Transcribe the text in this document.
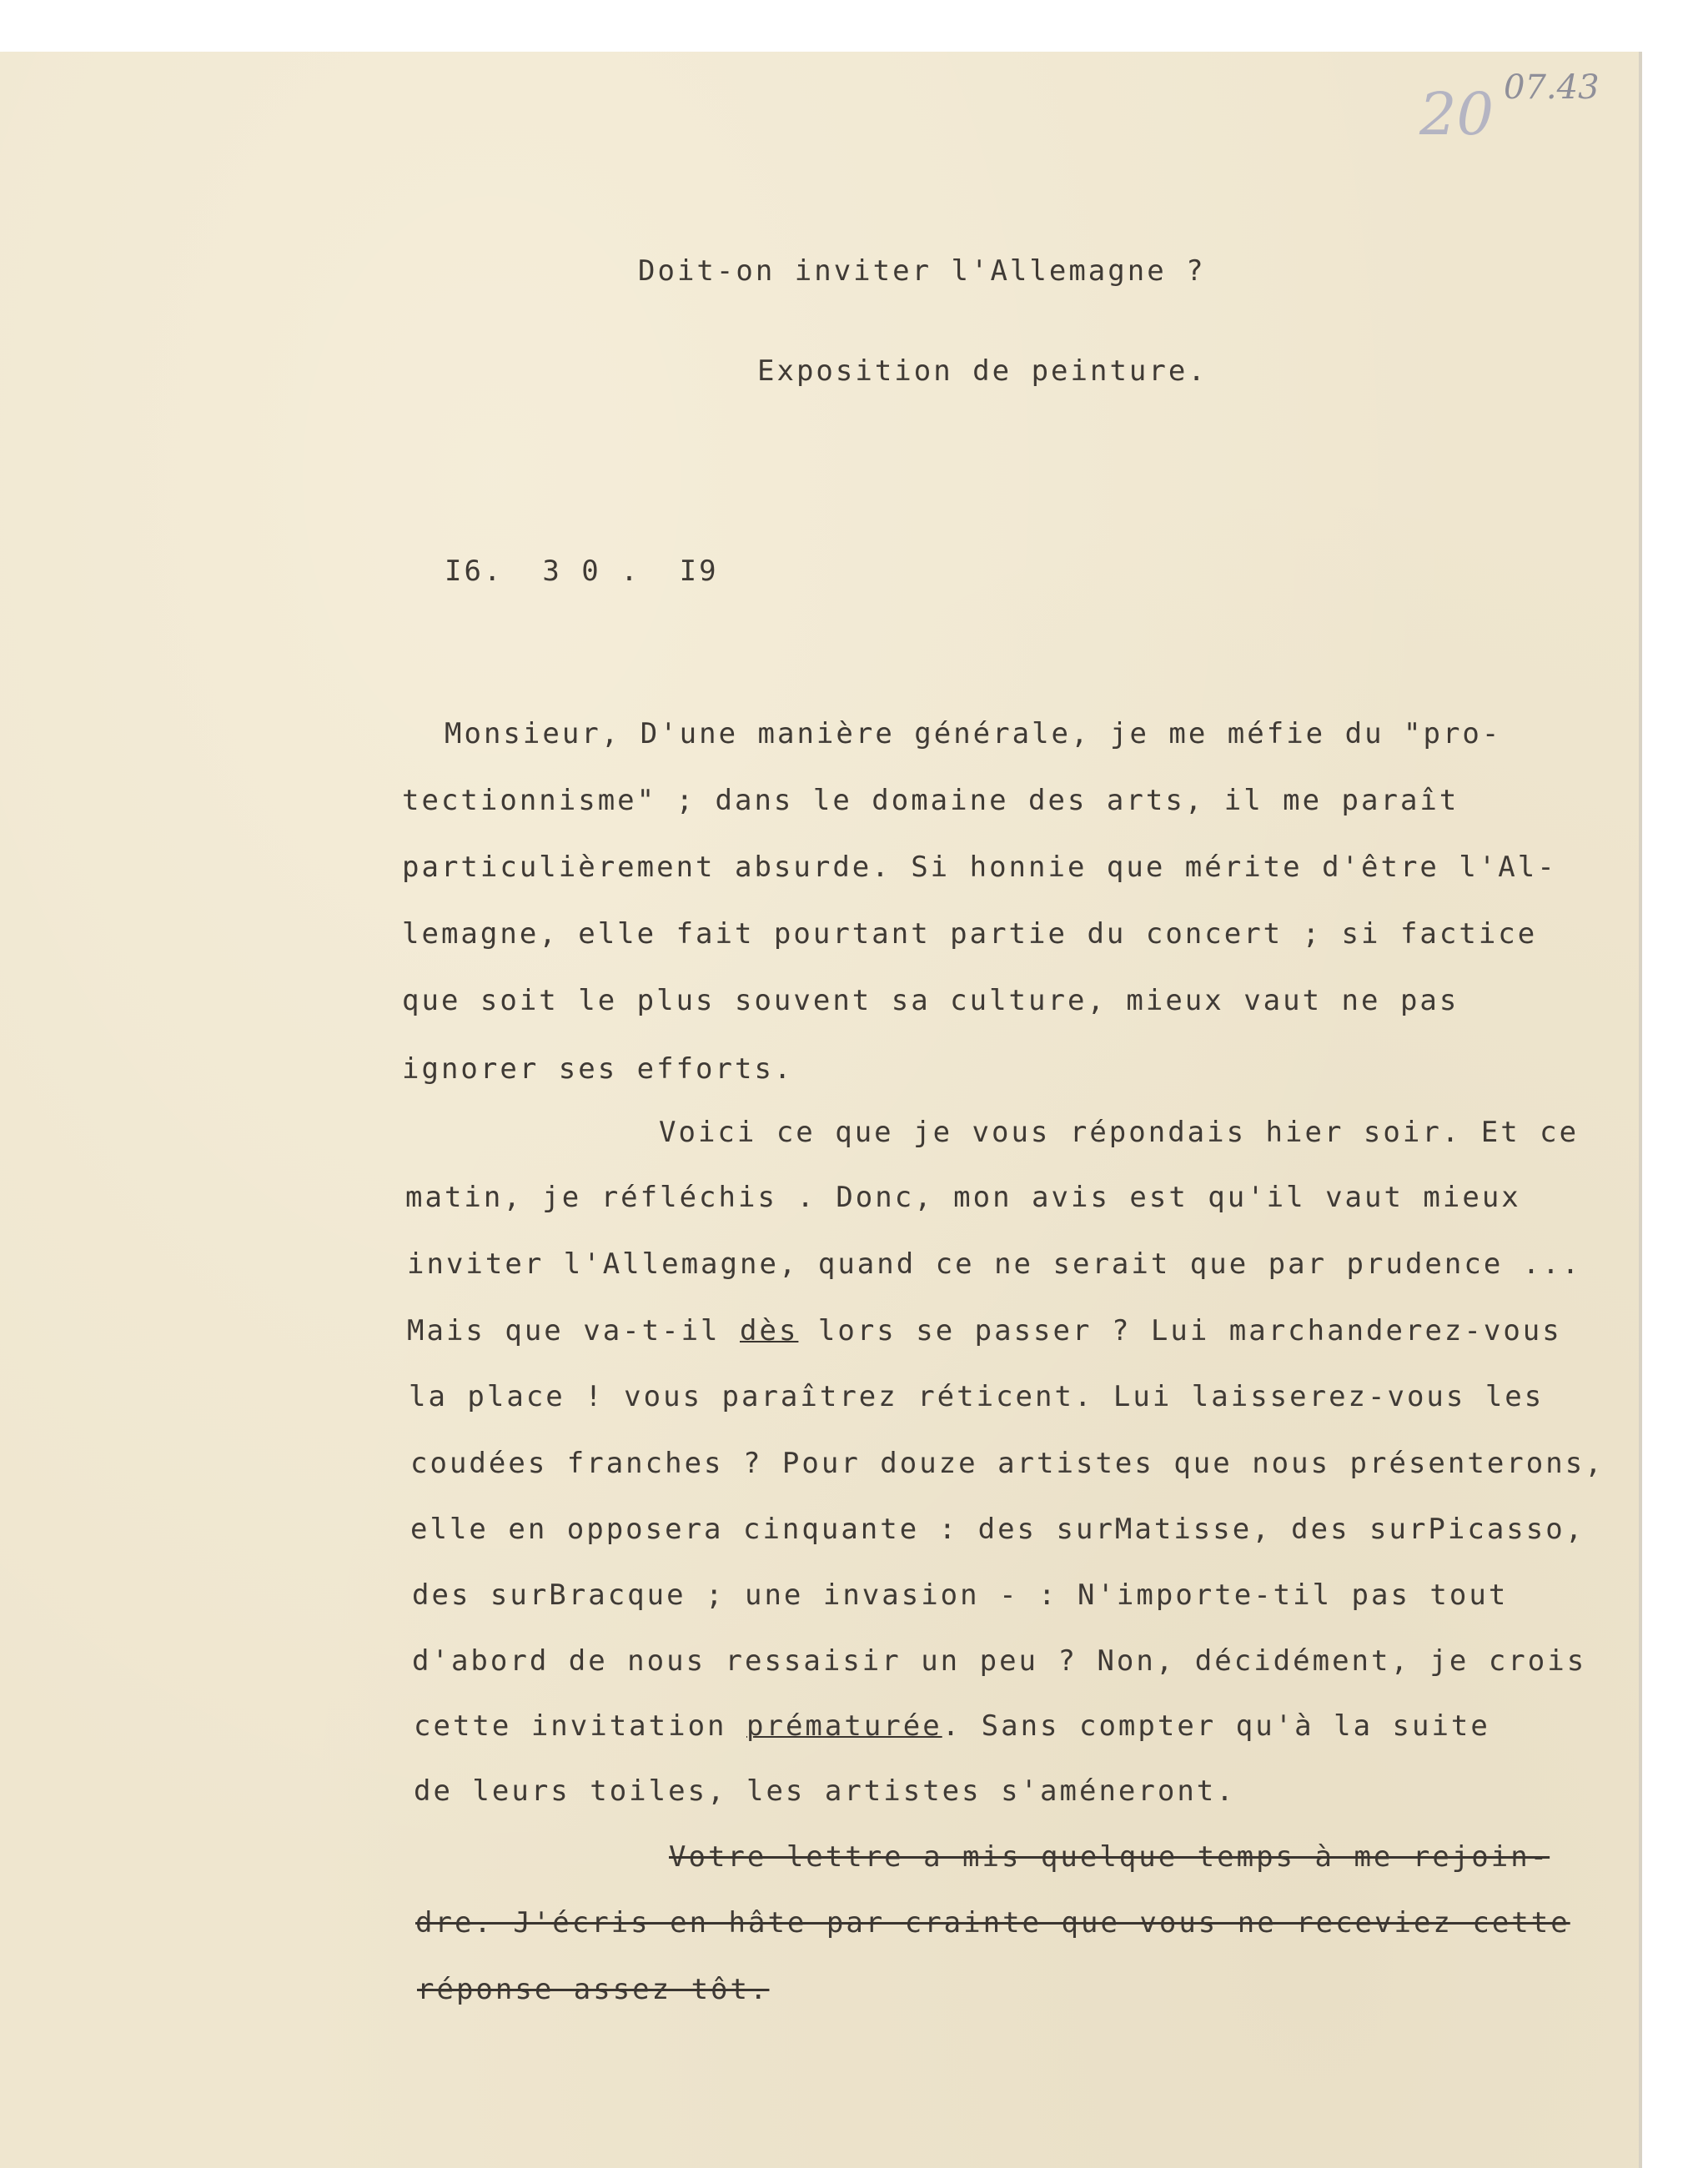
20 07.43

Doit-on inviter l'Allemagne ?

Exposition de peinture.

I6.  3 0 .  I9

Monsieur, D'une manière générale, je me méfie du "pro-

tectionnisme" ; dans le domaine des arts, il me paraît

particulièrement absurde. Si honnie que mérite d'être l'Al-

lemagne, elle fait pourtant partie du concert ; si factice

que soit le plus souvent sa culture, mieux vaut ne pas

ignorer ses efforts.

Voici ce que je vous répondais hier soir. Et ce

matin, je réfléchis . Donc, mon avis est qu'il vaut mieux

inviter l'Allemagne, quand ce ne serait que par prudence ...

Mais que va-t-il dès lors se passer ? Lui marchanderez-vous

la place ! vous paraîtrez réticent. Lui laisserez-vous les

coudées franches ? Pour douze artistes que nous présenterons,

elle en opposera cinquante : des surMatisse, des surPicasso,

des surBracque ; une invasion - : N'importe-til pas tout

d'abord de nous ressaisir un peu ? Non, décidément, je crois

cette invitation prématurée. Sans compter qu'à la suite

de leurs toiles, les artistes s'améneront.

Votre lettre a mis quelque temps à me rejoin-

dre. J'écris en hâte par crainte que vous ne receviez cette

réponse assez tôt.
